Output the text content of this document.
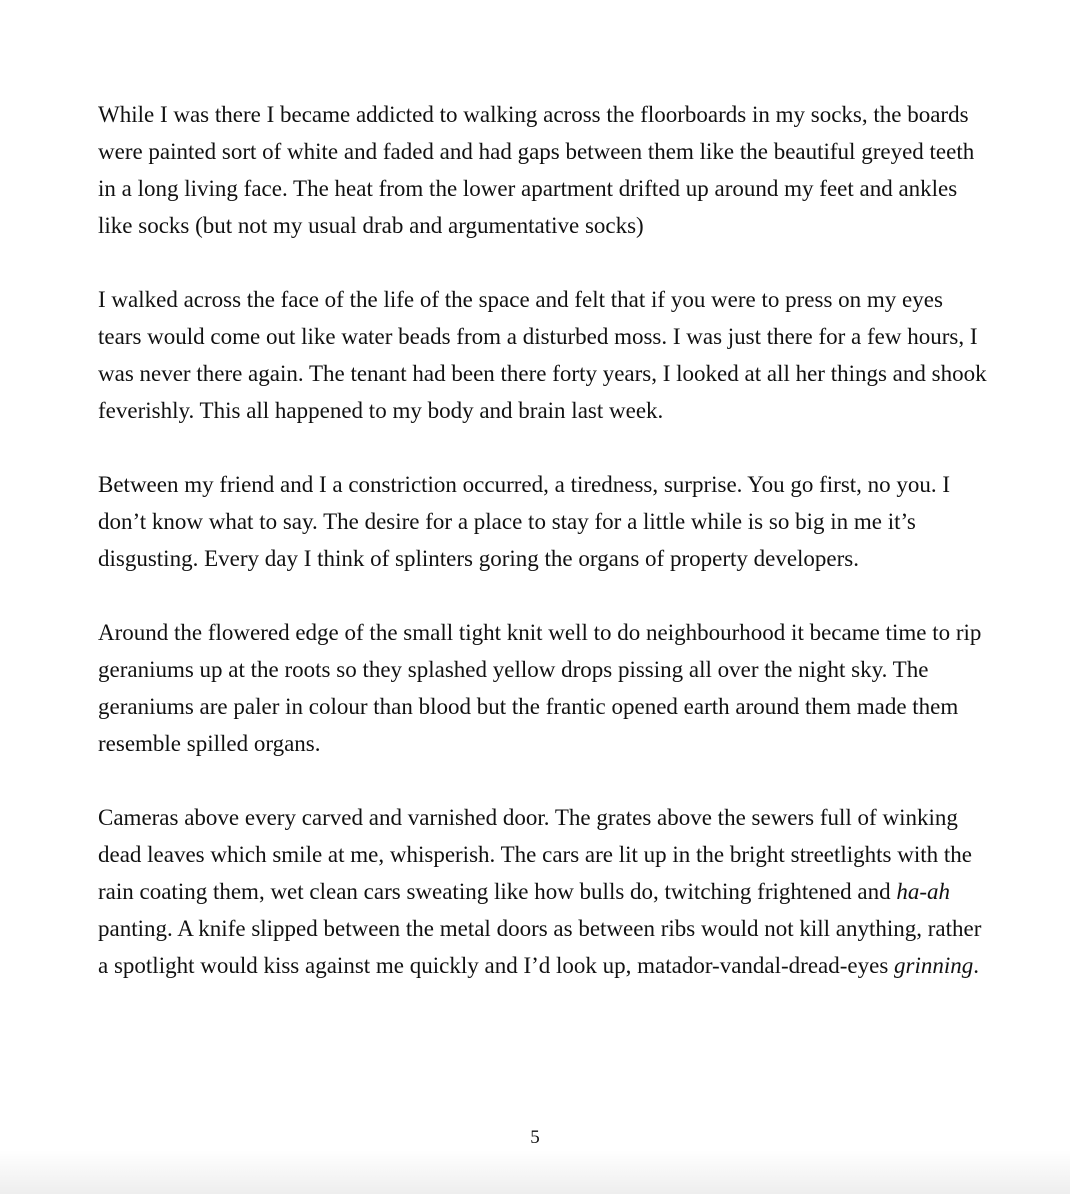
While I was there I became addicted to walking across the floorboards in my socks, the boards were painted sort of white and faded and had gaps between them like the beautiful greyed teeth in a long living face. The heat from the lower apartment drifted up around my feet and ankles like socks (but not my usual drab and argumentative socks)

I walked across the face of the life of the space and felt that if you were to press on my eyes tears would come out like water beads from a disturbed moss. I was just there for a few hours, I was never there again. The tenant had been there forty years, I looked at all her things and shook feverishly. This all happened to my body and brain last week.

Between my friend and I a constriction occurred, a tiredness, surprise. You go first, no you. I don’t know what to say. The desire for a place to stay for a little while is so big in me it’s disgusting. Every day I think of splinters goring the organs of property developers.

Around the flowered edge of the small tight knit well to do neighbourhood it became time to rip geraniums up at the roots so they splashed yellow drops pissing all over the night sky. The geraniums are paler in colour than blood but the frantic opened earth around them made them resemble spilled organs.

Cameras above every carved and varnished door. The grates above the sewers full of winking dead leaves which smile at me, whisperish. The cars are lit up in the bright streetlights with the rain coating them, wet clean cars sweating like how bulls do, twitching frightened and ha-ah panting. A knife slipped between the metal doors as between ribs would not kill anything, rather a spotlight would kiss against me quickly and I’d look up, matador-vandal-dread-eyes grinning.

5
